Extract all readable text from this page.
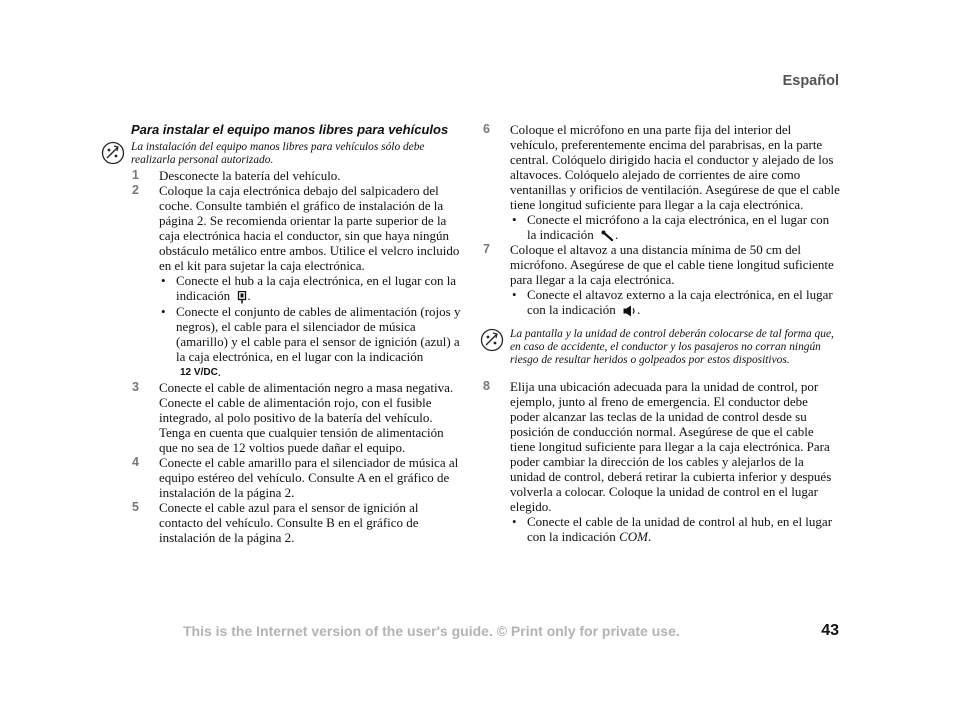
Español
Para instalar el equipo manos libres para vehículos
La instalación del equipo manos libres para vehículos sólo debe realizarla personal autorizado.
1 Desconecte la batería del vehículo.
2 Coloque la caja electrónica debajo del salpicadero del coche. Consulte también el gráfico de instalación de la página 2. Se recomienda orientar la parte superior de la caja electrónica hacia el conductor, sin que haya ningún obstáculo metálico entre ambos. Utilice el velcro incluido en el kit para sujetar la caja electrónica.
• Conecte el hub a la caja electrónica, en el lugar con la indicación .
• Conecte el conjunto de cables de alimentación (rojos y negros), el cable para el silenciador de música (amarillo) y el cable para el sensor de ignición (azul) a la caja electrónica, en el lugar con la indicación 12 V/DC.
3 Conecte el cable de alimentación negro a masa negativa. Conecte el cable de alimentación rojo, con el fusible integrado, al polo positivo de la batería del vehículo. Tenga en cuenta que cualquier tensión de alimentación que no sea de 12 voltios puede dañar el equipo.
4 Conecte el cable amarillo para el silenciador de música al equipo estéreo del vehículo. Consulte A en el gráfico de instalación de la página 2.
5 Conecte el cable azul para el sensor de ignición al contacto del vehículo. Consulte B en el gráfico de instalación de la página 2.
6 Coloque el micrófono en una parte fija del interior del vehículo, preferentemente encima del parabrisas, en la parte central. Colóquelo dirigido hacia el conductor y alejado de los altavoces. Colóquelo alejado de corrientes de aire como ventanillas y orificios de ventilación. Asegúrese de que el cable tiene longitud suficiente para llegar a la caja electrónica.
• Conecte el micrófono a la caja electrónica, en el lugar con la indicación .
7 Coloque el altavoz a una distancia mínima de 50 cm del micrófono. Asegúrese de que el cable tiene longitud suficiente para llegar a la caja electrónica.
• Conecte el altavoz externo a la caja electrónica, en el lugar con la indicación .
La pantalla y la unidad de control deberán colocarse de tal forma que, en caso de accidente, el conductor y los pasajeros no corran ningún riesgo de resultar heridos o golpeados por estos dispositivos.
8 Elija una ubicación adecuada para la unidad de control, por ejemplo, junto al freno de emergencia. El conductor debe poder alcanzar las teclas de la unidad de control desde su posición de conducción normal. Asegúrese de que el cable tiene longitud suficiente para llegar a la caja electrónica. Para poder cambiar la dirección de los cables y alejarlos de la unidad de control, deberá retirar la cubierta inferior y después volverla a colocar. Coloque la unidad de control en el lugar elegido.
• Conecte el cable de la unidad de control al hub, en el lugar con la indicación COM.
This is the Internet version of the user's guide. © Print only for private use.	43
